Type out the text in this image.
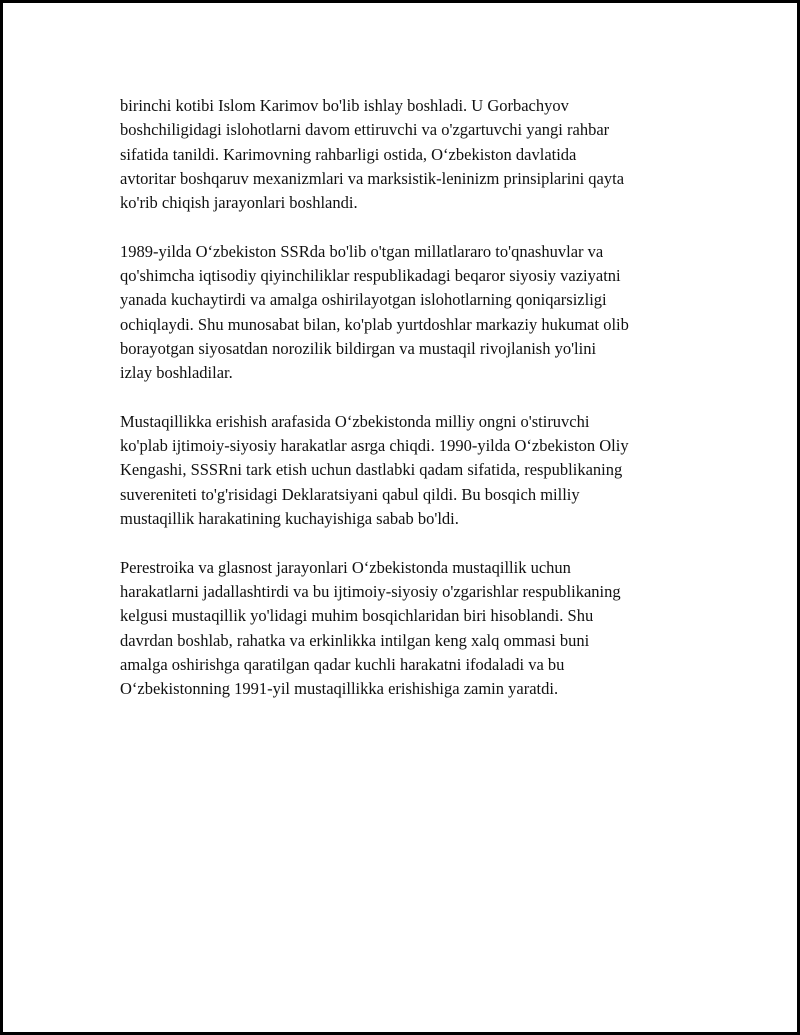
birinchi kotibi Islom Karimov bo'lib ishlay boshladi. U Gorbachyov
boshchiligidagi islohotlarni davom ettiruvchi va o'zgartuvchi yangi rahbar
sifatida tanildi. Karimovning rahbarligi ostida, O‘zbekiston davlatida
avtoritar boshqaruv mexanizmlari va marksistik-leninizm prinsiplarini qayta
ko'rib chiqish jarayonlari boshlandi.

1989-yilda O‘zbekiston SSRda bo'lib o'tgan millatlararo to'qnashuvlar va
qo'shimcha iqtisodiy qiyinchiliklar respublikadagi beqaror siyosiy vaziyatni
yanada kuchaytirdi va amalga oshirilayotgan islohotlarning qoniqarsizligi
ochiqlaydi. Shu munosabat bilan, ko'plab yurtdoshlar markaziy hukumat olib
borayotgan siyosatdan norozilik bildirgan va mustaqil rivojlanish yo'lini
izlay boshladilar.

Mustaqillikka erishish arafasida O‘zbekistonda milliy ongni o'stiruvchi
ko'plab ijtimoiy-siyosiy harakatlar asrga chiqdi. 1990-yilda O‘zbekiston Oliy
Kengashi, SSSRni tark etish uchun dastlabki qadam sifatida, respublikaning
suvereniteti to'g'risidagi Deklaratsiyani qabul qildi. Bu bosqich milliy
mustaqillik harakatining kuchayishiga sabab bo'ldi.

Perestroika va glasnost jarayonlari O‘zbekistonda mustaqillik uchun
harakatlarni jadallashtirdi va bu ijtimoiy-siyosiy o'zgarishlar respublikaning
kelgusi mustaqillik yo'lidagi muhim bosqichlaridan biri hisoblandi. Shu
davrdan boshlab, rahatka va erkinlikka intilgan keng xalq ommasi buni
amalga oshirishga qaratilgan qadar kuchli harakatni ifodaladi va bu
O‘zbekistonning 1991-yil mustaqillikka erishishiga zamin yaratdi.
